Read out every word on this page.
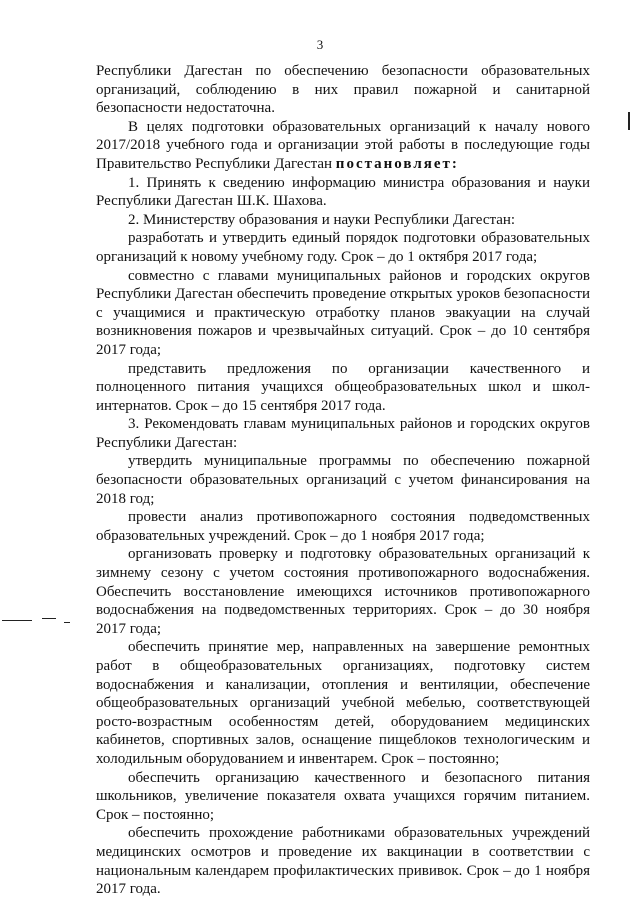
3

Республики Дагестан по обеспечению безопасности образовательных организаций, соблюдению в них правил пожарной и санитарной безопасности недостаточна.

В целях подготовки образовательных организаций к началу нового 2017/2018 учебного года и организации этой работы в последующие годы Правительство Республики Дагестан постановляет:

1. Принять к сведению информацию министра образования и науки Республики Дагестан Ш.К. Шахова.

2. Министерству образования и науки Республики Дагестан:

разработать и утвердить единый порядок подготовки образовательных организаций к новому учебному году. Срок – до 1 октября 2017 года;

совместно с главами муниципальных районов и городских округов Республики Дагестан обеспечить проведение открытых уроков безопасности с учащимися и практическую отработку планов эвакуации на случай возникновения пожаров и чрезвычайных ситуаций. Срок – до 10 сентября 2017 года;

представить предложения по организации качественного и полноценного питания учащихся общеобразовательных школ и школ-интернатов. Срок – до 15 сентября 2017 года.

3. Рекомендовать главам муниципальных районов и городских округов Республики Дагестан:

утвердить муниципальные программы по обеспечению пожарной безопасности образовательных организаций с учетом финансирования на 2018 год;

провести анализ противопожарного состояния подведомственных образовательных учреждений. Срок – до 1 ноября 2017 года;

организовать проверку и подготовку образовательных организаций к зимнему сезону с учетом состояния противопожарного водоснабжения. Обеспечить восстановление имеющихся источников противопожарного водоснабжения на подведомственных территориях. Срок – до 30 ноября 2017 года;

обеспечить принятие мер, направленных на завершение ремонтных работ в общеобразовательных организациях, подготовку систем водоснабжения и канализации, отопления и вентиляции, обеспечение общеобразовательных организаций учебной мебелью, соответствующей росто-возрастным особенностям детей, оборудованием медицинских кабинетов, спортивных залов, оснащение пищеблоков технологическим и холодильным оборудованием и инвентарем. Срок – постоянно;

обеспечить организацию качественного и безопасного питания школьников, увеличение показателя охвата учащихся горячим питанием. Срок – постоянно;

обеспечить прохождение работниками образовательных учреждений медицинских осмотров и проведение их вакцинации в соответствии с национальным календарем профилактических прививок. Срок – до 1 ноября 2017 года.
